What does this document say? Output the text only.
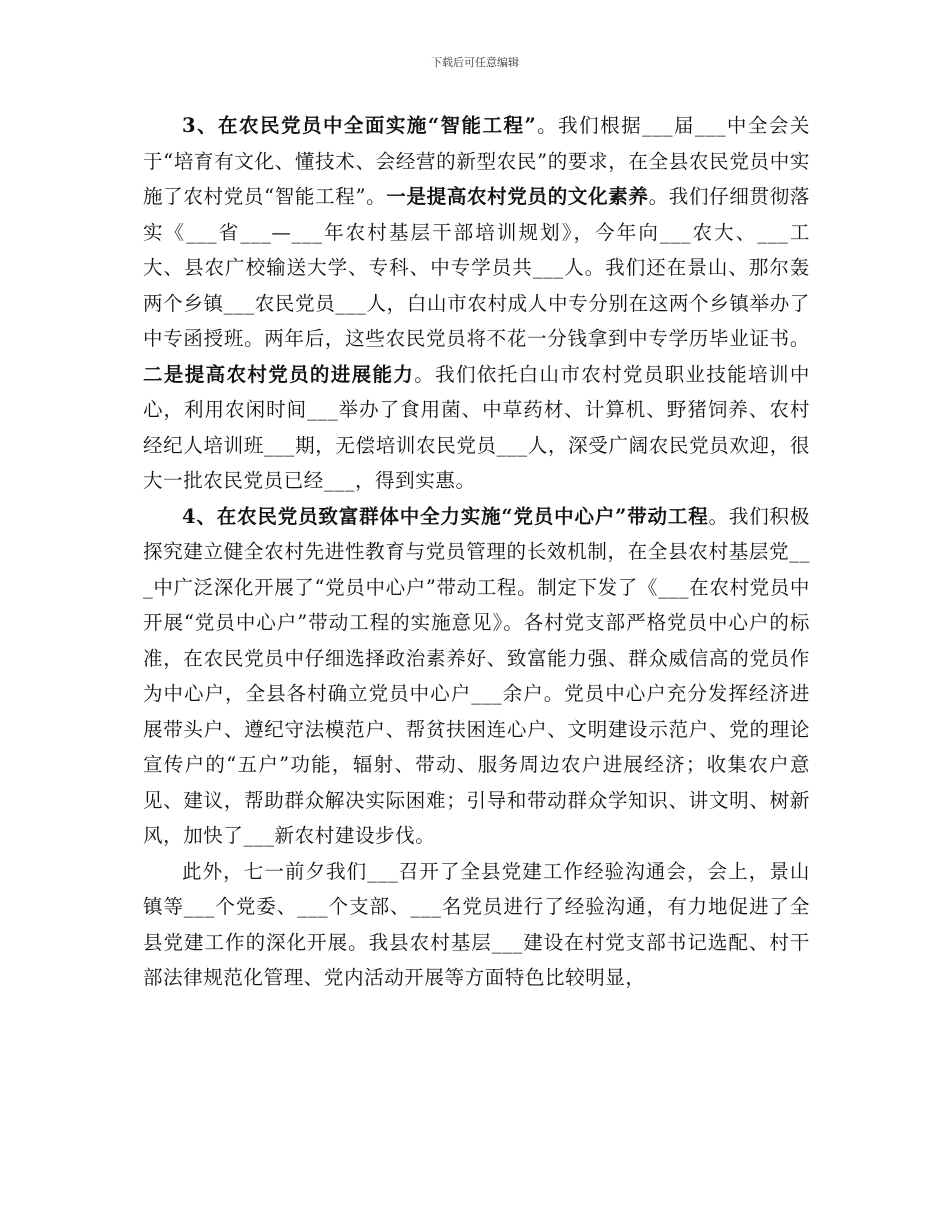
下载后可任意编辑

3、在农民党员中全面实施“智能工程”。我们根据___届___中全会关于“培育有文化、懂技术、会经营的新型农民”的要求，在全县农民党员中实施了农村党员“智能工程”。一是提高农村党员的文化素养。我们仔细贯彻落实《___省___—___年农村基层干部培训规划》，今年向___农大、___工大、县农广校输送大学、专科、中专学员共___人。我们还在景山、那尔轰两个乡镇___农民党员___人，白山市农村成人中专分别在这两个乡镇举办了中专函授班。两年后，这些农民党员将不花一分钱拿到中专学历毕业证书。二是提高农村党员的进展能力。我们依托白山市农村党员职业技能培训中心，利用农闲时间___举办了食用菌、中草药材、计算机、野猪饲养、农村经纪人培训班___期，无偿培训农民党员___人，深受广阔农民党员欢迎，很大一批农民党员已经___，得到实惠。

4、在农民党员致富群体中全力实施“党员中心户”带动工程。我们积极探究建立健全农村先进性教育与党员管理的长效机制，在全县农村基层党___中广泛深化开展了“党员中心户”带动工程。制定下发了《___在农村党员中开展“党员中心户”带动工程的实施意见》。各村党支部严格党员中心户的标准，在农民党员中仔细选择政治素养好、致富能力强、群众威信高的党员作为中心户，全县各村确立党员中心户___余户。党员中心户充分发挥经济进展带头户、遵纪守法模范户、帮贫扶困连心户、文明建设示范户、党的理论宣传户的“五户”功能，辐射、带动、服务周边农户进展经济；收集农户意见、建议，帮助群众解决实际困难；引导和带动群众学知识、讲文明、树新风，加快了___新农村建设步伐。

此外，七一前夕我们___召开了全县党建工作经验沟通会，会上，景山镇等___个党委、___个支部、___名党员进行了经验沟通，有力地促进了全县党建工作的深化开展。我县农村基层___建设在村党支部书记选配、村干部法律规范化管理、党内活动开展等方面特色比较明显，
